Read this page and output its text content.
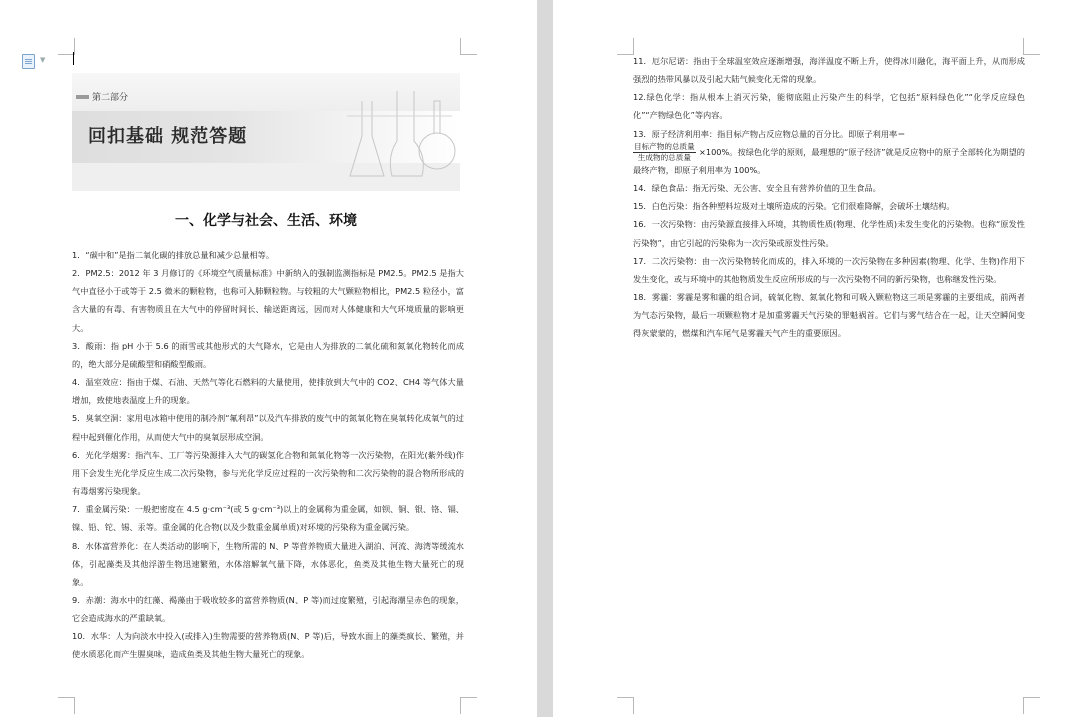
▼
第二部分
回扣基础 规范答题
一、化学与社会、生活、环境

1．“碳中和”是指二氧化碳的排放总量和减少总量相等。

2．PM2.5：2012 年 3 月修订的《环境空气质量标准》中新纳入的强制监测指标是 PM2.5。PM2.5 是指大气中直径小于或等于 2.5 微米的颗粒物，也称可入肺颗粒物。与较粗的大气颗粒物相比，PM2.5 粒径小，富含大量的有毒、有害物质且在大气中的停留时间长、输送距离远，因而对人体健康和大气环境质量的影响更大。

3．酸雨：指 pH 小于 5.6 的雨雪或其他形式的大气降水，它是由人为排放的二氧化硫和氮氧化物转化而成的，绝大部分是硫酸型和硝酸型酸雨。

4．温室效应：指由于煤、石油、天然气等化石燃料的大量使用，使排放到大气中的 CO2、CH4 等气体大量增加，致使地表温度上升的现象。

5．臭氧空洞：家用电冰箱中使用的制冷剂“氟利昂”以及汽车排放的废气中的氮氧化物在臭氧转化成氧气的过程中起到催化作用，从而使大气中的臭氧层形成空洞。

6．光化学烟雾：指汽车、工厂等污染源排入大气的碳氢化合物和氮氧化物等一次污染物，在阳光(紫外线)作用下会发生光化学反应生成二次污染物，参与光化学反应过程的一次污染物和二次污染物的混合物所形成的有毒烟雾污染现象。

7．重金属污染：一般把密度在 4.5 g·cm⁻³(或 5 g·cm⁻³)以上的金属称为重金属，如钡、铜、银、铬、镉、镍、铅、铊、锡、汞等。重金属的化合物(以及少数重金属单质)对环境的污染称为重金属污染。

8．水体富营养化：在人类活动的影响下，生物所需的 N、P 等营养物质大量进入湖泊、河流、海湾等缓流水体，引起藻类及其他浮游生物迅速繁殖，水体溶解氧气量下降，水体恶化，鱼类及其他生物大量死亡的现象。

9．赤潮：海水中的红藻、褐藻由于吸收较多的富营养物质(N、P 等)而过度繁殖，引起海潮呈赤色的现象，它会造成海水的严重缺氧。

10．水华：人为向淡水中投入(或排入)生物需要的营养物质(N、P 等)后，导致水面上的藻类疯长、繁殖，并使水质恶化而产生腥臭味，造成鱼类及其他生物大量死亡的现象。

11．厄尔尼诺：指由于全球温室效应逐渐增强，海洋温度不断上升，使得冰川融化，海平面上升，从而形成强烈的热带风暴以及引起大陆气候变化无常的现象。

12.绿色化学：指从根本上消灭污染，能彻底阻止污染产生的科学，它包括“原料绿色化”“化学反应绿色化”“产物绿色化”等内容。

13．原子经济利用率：指目标产物占反应物总量的百分比。即原子利用率＝

目标产物的总质量
生成物的总质量

×100%。按绿色化学的原则，最理想的“原子经济”就是反应物中的原子全部转化为期望的最终产物，即原子利用率为 100%。

14．绿色食品：指无污染、无公害、安全且有营养价值的卫生食品。

15．白色污染：指各种塑料垃圾对土壤所造成的污染。它们很难降解，会破坏土壤结构。

16．一次污染物：由污染源直接排入环境，其物质性质(物理、化学性质)未发生变化的污染物。也称“原发性污染物”，由它引起的污染称为一次污染或原发性污染。

17．二次污染物：由一次污染物转化而成的，排入环境的一次污染物在多种因素(物理、化学、生物)作用下发生变化，或与环境中的其他物质发生反应所形成的与一次污染物不同的新污染物，也称继发性污染。

18．雾霾：雾霾是雾和霾的组合词，硫氧化物、氮氧化物和可吸入颗粒物这三项是雾霾的主要组成，前两者为气态污染物，最后一项颗粒物才是加重雾霾天气污染的罪魁祸首。它们与雾气结合在一起，让天空瞬间变得灰蒙蒙的，燃煤和汽车尾气是雾霾天气产生的重要原因。
